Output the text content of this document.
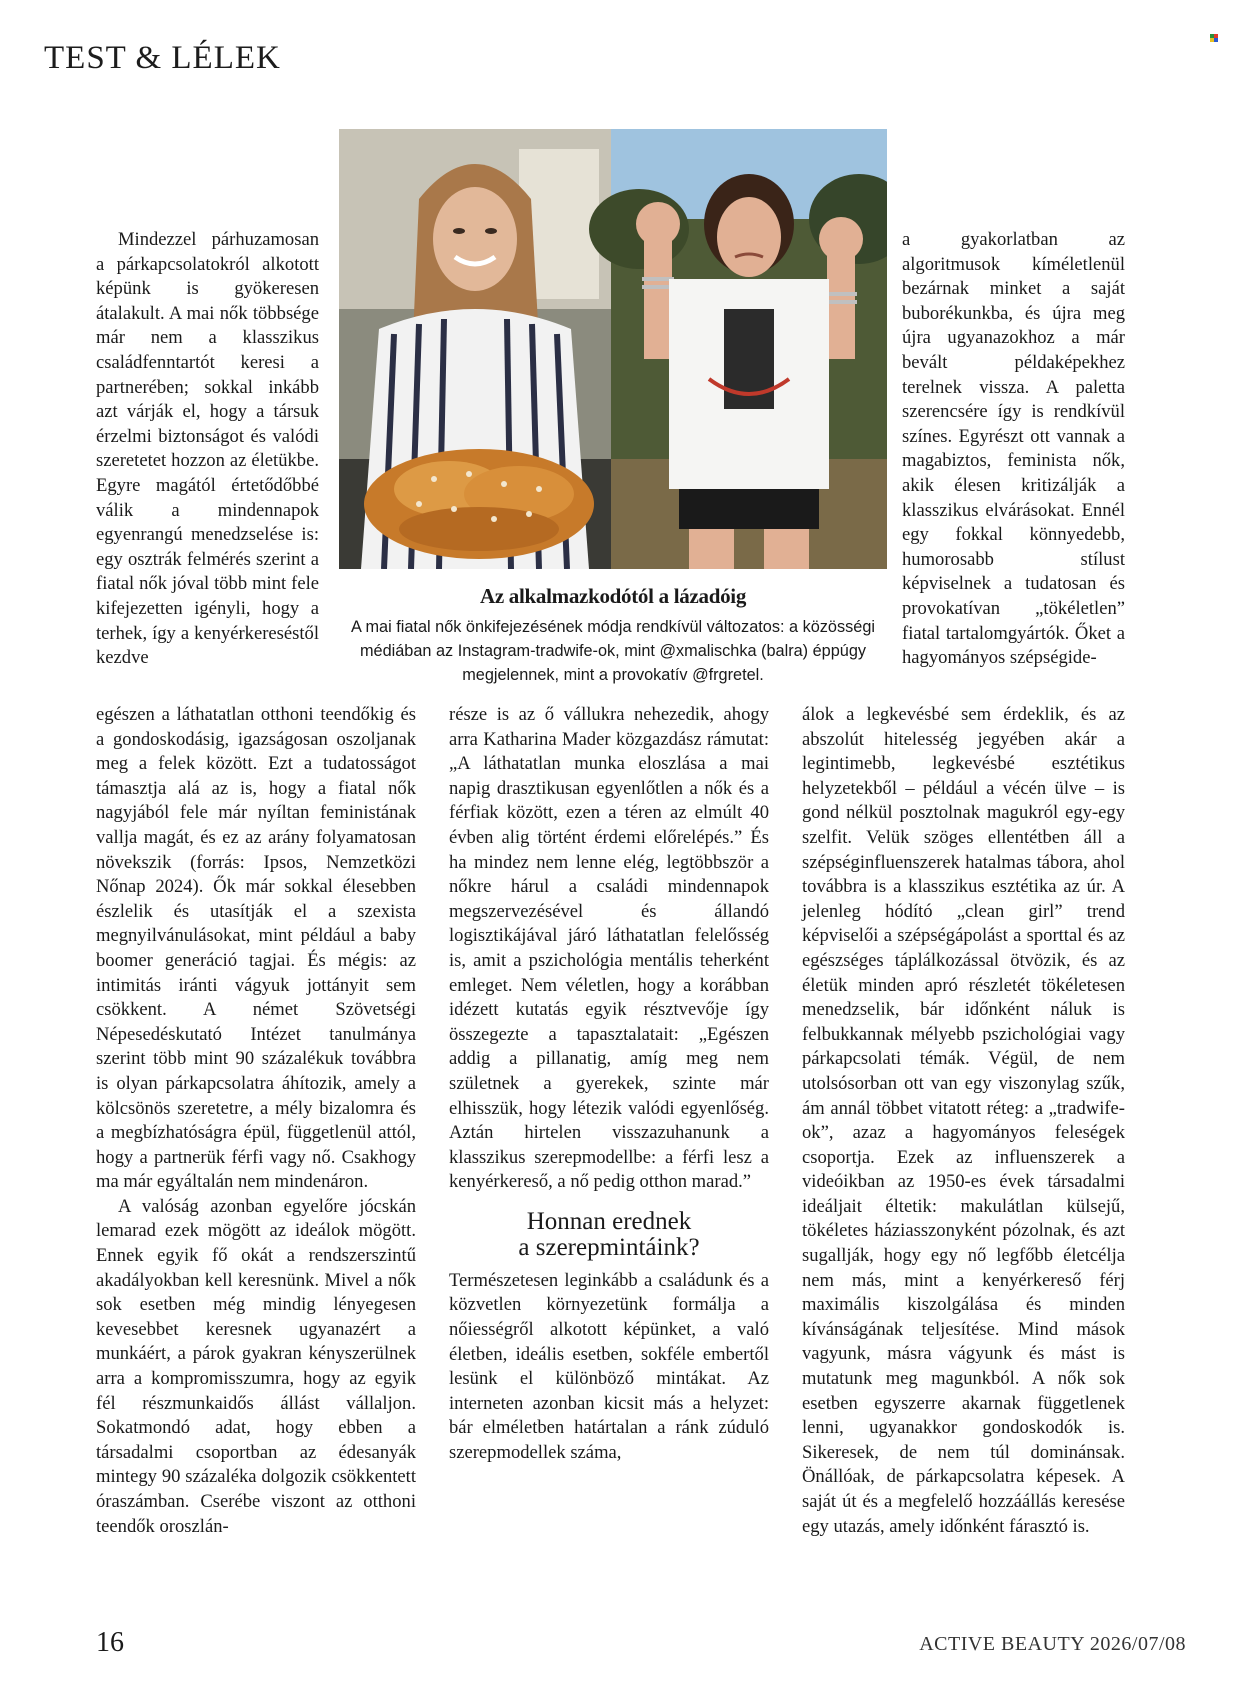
TEST & LÉLEK
Az alkalmazkodótól a lázadóig
A mai fiatal nők önkifejezésének módja rendkívül változatos: a közösségi médiában az Instagram-tradwife-ok, mint @xmalischka (balra) éppúgy megjelennek, mint a provokatív @frgretel.

Mindezzel párhuzamosan a párkapcsolatokról alkotott képünk is gyökeresen átalakult. A mai nők többsége már nem a klasszikus családfenntartót keresi a partnerében; sokkal inkább azt várják el, hogy a társuk érzelmi biztonságot és valódi szeretetet hozzon az életükbe. Egyre magától értetődőbbé válik a mindennapok egyenrangú menedzselése is: egy osztrák felmérés szerint a fiatal nők jóval több mint fele kifejezetten igényli, hogy a terhek, így a kenyérkereséstől kezdve

egészen a láthatatlan otthoni teendőkig és a gondoskodásig, igazságosan oszoljanak meg a felek között. Ezt a tudatosságot támasztja alá az is, hogy a fiatal nők nagyjából fele már nyíltan feministának vallja magát, és ez az arány folyamatosan növekszik (forrás: Ipsos, Nemzetközi Nőnap 2024). Ők már sokkal élesebben észlelik és utasítják el a szexista megnyilvánulásokat, mint például a baby boomer generáció tagjai. És mégis: az intimitás iránti vágyuk jottányit sem csökkent. A német Szövetségi Népesedéskutató Intézet tanulmánya szerint több mint 90 százalékuk továbbra is olyan párkapcsolatra áhítozik, amely a kölcsönös szeretetre, a mély bizalomra és a megbízhatóságra épül, függetlenül attól, hogy a partnerük férfi vagy nő. Csakhogy ma már egyáltalán nem mindenáron.

A valóság azonban egyelőre jócskán lemarad ezek mögött az ideálok mögött. Ennek egyik fő okát a rendszerszintű akadályokban kell keresnünk. Mivel a nők sok esetben még mindig lényegesen kevesebbet keresnek ugyanazért a munkáért, a párok gyakran kényszerülnek arra a kompromisszumra, hogy az egyik fél részmunkaidős állást vállaljon. Sokatmondó adat, hogy ebben a társadalmi csoportban az édesanyák mintegy 90 százaléka dolgozik csökkentett óraszámban. Cserébe viszont az otthoni teendők oroszlán-

része is az ő vállukra nehezedik, ahogy arra Katharina Mader közgazdász rámutat: „A láthatatlan munka eloszlása a mai napig drasztikusan egyenlőtlen a nők és a férfiak között, ezen a téren az elmúlt 40 évben alig történt érdemi előrelépés.” És ha mindez nem lenne elég, legtöbbször a nőkre hárul a családi mindennapok megszervezésével és állandó logisztikájával járó láthatatlan felelősség is, amit a pszichológia mentális teherként emleget. Nem véletlen, hogy a korábban idézett kutatás egyik résztvevője így összegezte a tapasztalatait: „Egészen addig a pillanatig, amíg meg nem születnek a gyerekek, szinte már elhisszük, hogy létezik valódi egyenlőség. Aztán hirtelen visszazuhanunk a klasszikus szerepmodellbe: a férfi lesz a kenyérkereső, a nő pedig otthon marad.”

Honnan erednek
a szerepmintáink?

Természetesen leginkább a családunk és a közvetlen környezetünk formálja a nőiességről alkotott képünket, a való életben, ideális esetben, sokféle embertől lesünk el különböző mintákat. Az interneten azonban kicsit más a helyzet: bár elméletben határtalan a ránk zúduló szerepmodellek száma,

a gyakorlatban az algoritmusok kíméletlenül bezárnak minket a saját buborékunkba, és újra meg újra ugyanazokhoz a már bevált példaképekhez terelnek vissza. A paletta szerencsére így is rendkívül színes. Egyrészt ott vannak a magabiztos, feminista nők, akik élesen kritizálják a klasszikus elvárásokat. Ennél egy fokkal könnyedebb, humorosabb stílust képviselnek a tudatosan és provokatívan „tökéletlen” fiatal tartalomgyártók. Őket a hagyományos szépségide-

álok a legkevésbé sem érdeklik, és az abszolút hitelesség jegyében akár a legintimebb, legkevésbé esztétikus helyzetekből – például a vécén ülve – is gond nélkül posztolnak magukról egy-egy szelfit. Velük szöges ellentétben áll a szépséginfluenszerek hatalmas tábora, ahol továbbra is a klasszikus esztétika az úr. A jelenleg hódító „clean girl” trend képviselői a szépségápolást a sporttal és az egészséges táplálkozással ötvözik, és az életük minden apró részletét tökéletesen menedzselik, bár időnként náluk is felbukkannak mélyebb pszichológiai vagy párkapcsolati témák. Végül, de nem utolsósorban ott van egy viszonylag szűk, ám annál többet vitatott réteg: a „tradwife-ok”, azaz a hagyományos feleségek csoportja. Ezek az influenszerek a videóikban az 1950-es évek társadalmi ideáljait éltetik: makulátlan külsejű, tökéletes háziasszonyként pózolnak, és azt sugallják, hogy egy nő legfőbb életcélja nem más, mint a kenyérkereső férj maximális kiszolgálása és minden kívánságának teljesítése. Mind mások vagyunk, másra vágyunk és mást is mutatunk meg magunkból. A nők sok esetben egyszerre akarnak függetlenek lenni, ugyanakkor gondoskodók is. Sikeresek, de nem túl dominánsak. Önállóak, de párkapcsolatra képesek. A saját út és a megfelelő hozzáállás keresése egy utazás, amely időnként fárasztó is.

16	ACTIVE BEAUTY 2026/07/08
